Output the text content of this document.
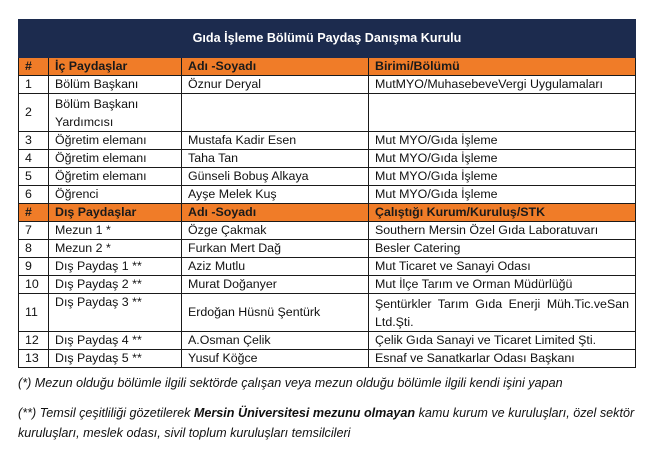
Gıda İşleme Bölümü Paydaş Danışma Kurulu			
#	İç Paydaşlar	Adı -Soyadı	Birimi/Bölümü
1	Bölüm Başkanı	Öznur Deryal	MutMYO/MuhasebeveVergi Uygulamaları
2	Bölüm Başkanı Yardımcısı		
3	Öğretim elemanı	Mustafa Kadir Esen	Mut MYO/Gıda İşleme
4	Öğretim elemanı	Taha Tan	Mut MYO/Gıda İşleme
5	Öğretim elemanı	Günseli Bobuş Alkaya	Mut MYO/Gıda İşleme
6	Öğrenci	Ayşe Melek Kuş	Mut MYO/Gıda İşleme
#	Dış Paydaşlar	Adı -Soyadı	Çalıştığı Kurum/Kuruluş/STK
7	Mezun 1 *	Özge Çakmak	Southern Mersin Özel Gıda Laboratuvarı
8	Mezun 2 *	Furkan Mert Dağ	Besler Catering
9	Dış Paydaş 1 **	Aziz Mutlu	Mut Ticaret ve Sanayi Odası
10	Dış Paydaş 2 **	Murat Doğanyer	Mut İlçe Tarım ve Orman Müdürlüğü
11	Dış Paydaş 3 **	Erdoğan Hüsnü Şentürk	Şentürkler Tarım Gıda Enerji Müh.Tic.veSan Ltd.Şti.
12	Dış Paydaş 4 **	A.Osman Çelik	Çelik Gıda Sanayi ve Ticaret Limited Şti.
13	Dış Paydaş 5 **	Yusuf Köğce	Esnaf ve Sanatkarlar Odası Başkanı
(*) Mezun olduğu bölümle ilgili sektörde çalışan veya mezun olduğu bölümle ilgili kendi işini yapan
(**) Temsil çeşitliliği gözetilerek Mersin Üniversitesi mezunu olmayan kamu kurum ve kuruluşları, özel sektör kuruluşları, meslek odası, sivil toplum kuruluşları temsilcileri
